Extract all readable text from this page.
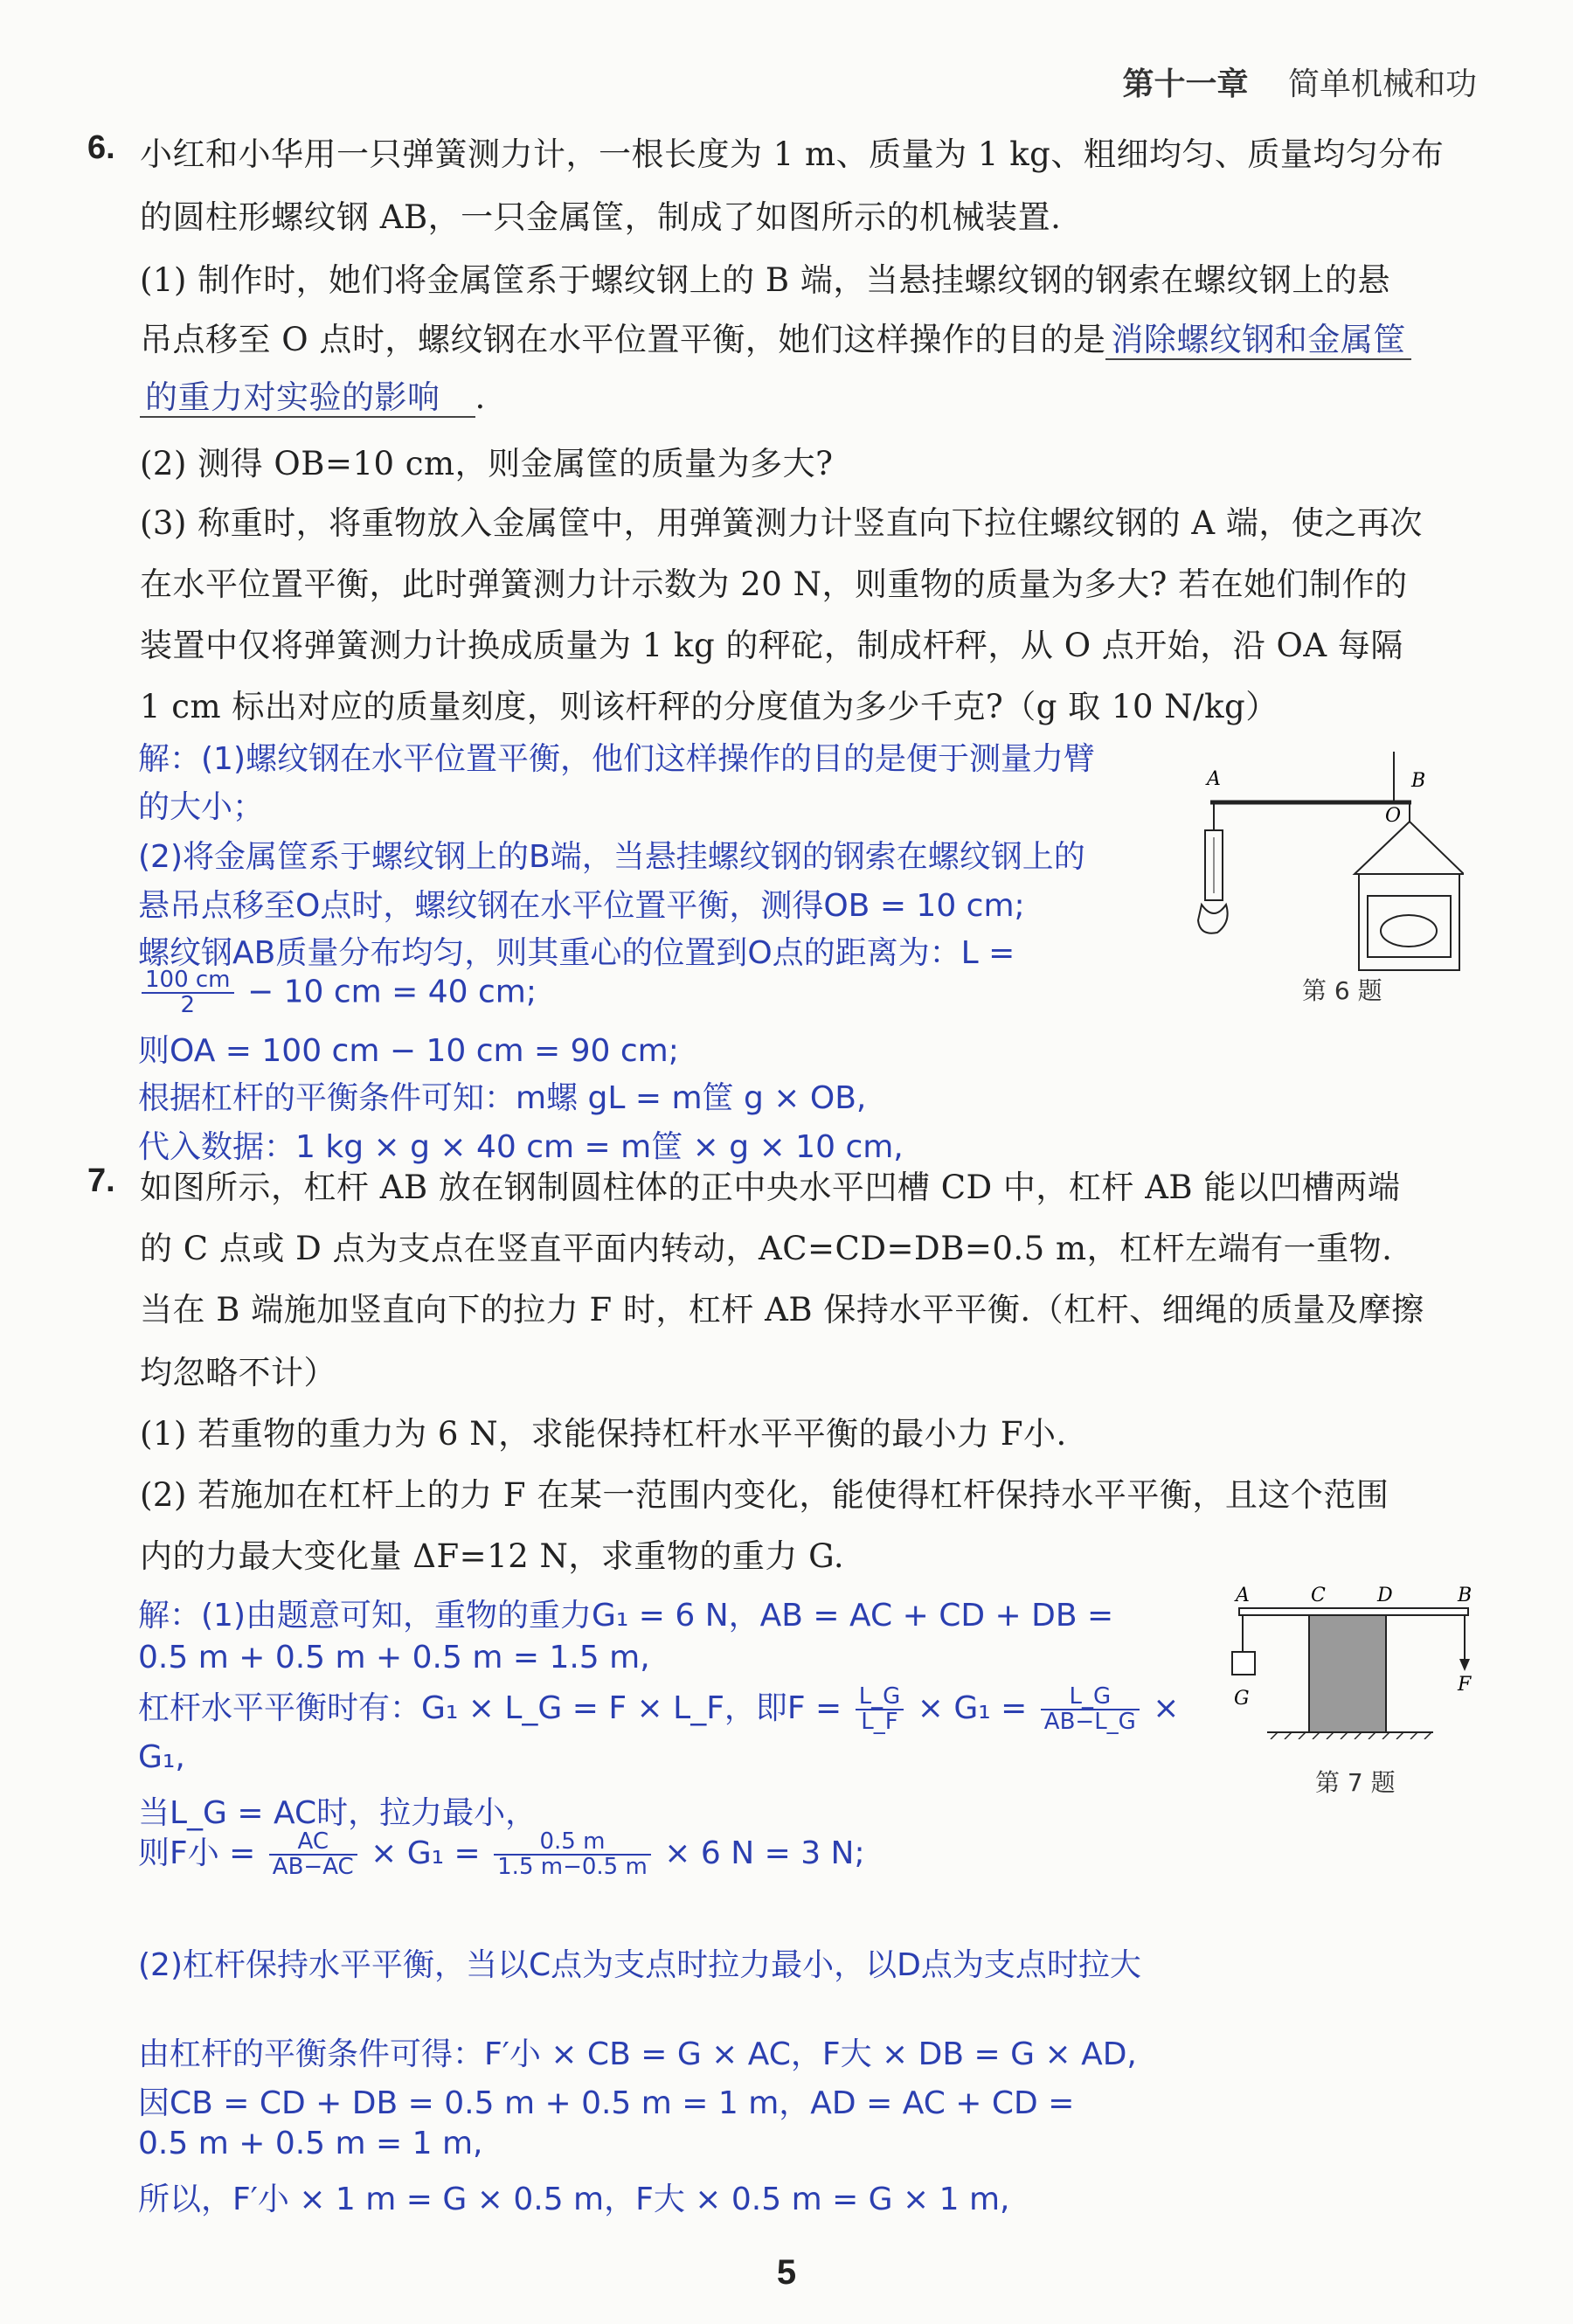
第十一章 简单机械和功
6. 小红和小华用一只弹簧测力计，一根长度为 1 m、质量为 1 kg、粗细均匀、质量均匀分布
的圆柱形螺纹钢 AB，一只金属筐，制成了如图所示的机械装置.
(1) 制作时，她们将金属筐系于螺纹钢上的 B 端，当悬挂螺纹钢的钢索在螺纹钢上的悬
吊点移至 O 点时，螺纹钢在水平位置平衡，她们这样操作的目的是 消除螺纹钢和金属筐
的重力对实验的影响 .
(2) 测得 OB=10 cm，则金属筐的质量为多大?
(3) 称重时，将重物放入金属筐中，用弹簧测力计竖直向下拉住螺纹钢的 A 端，使之再次
在水平位置平衡，此时弹簧测力计示数为 20 N，则重物的质量为多大? 若在她们制作的
装置中仅将弹簧测力计换成质量为 1 kg 的秤砣，制成杆秤，从 O 点开始，沿 OA 每隔
1 cm 标出对应的质量刻度，则该杆秤的分度值为多少千克?（g 取 10 N/kg）
解：(1)螺纹钢在水平位置平衡，他们这样操作的目的是便于测量力臂
的大小；
(2)将金属筐系于螺纹钢上的B端，当悬挂螺纹钢的钢索在螺纹钢上的
悬吊点移至O点时，螺纹钢在水平位置平衡，测得OB = 10 cm;
螺纹钢AB质量分布均匀，则其重心的位置到O点的距离为：L =
$\frac{100 cm}{2} - 10$ cm = 40 cm;
则OA = 100 cm − 10 cm = 90 cm;
根据杠杆的平衡条件可知：m螺 gL = m筐 g × OB,
代入数据：1 kg × g × 40 cm = m筐 × g × 10 cm,
A	B
O
第 6 题
7. 如图所示，杠杆 AB 放在钢制圆柱体的正中央水平凹槽 CD 中，杠杆 AB 能以凹槽两端
的 C 点或 D 点为支点在竖直平面内转动，AC=CD=DB=0.5 m，杠杆左端有一重物.
当在 B 端施加竖直向下的拉力 F 时，杠杆 AB 保持水平平衡.（杠杆、细绳的质量及摩擦
均忽略不计）
(1) 若重物的重力为 6 N，求能保持杠杆水平平衡的最小力 F小.
(2) 若施加在杠杆上的力 F 在某一范围内变化，能使得杠杆保持水平平衡，且这个范围
内的力最大变化量 ΔF=12 N，求重物的重力 G.
解：(1)由题意可知，重物的重力G₁ = 6 N，AB = AC + CD + DB =
0.5 m + 0.5 m + 0.5 m = 1.5 m,
杠杆水平平衡时有：G₁ × L_G = F × L_F，即$F = \frac{L\_G}{L\_F} \times G_1 = \frac{L\_G}{AB-L\_G}$ ×
G₁,
当L_G = AC时，拉力最小，
则F小 = $\frac{AC}{AB-AC} \times G_1 = \frac{0.5 m}{1.5 m-0.5 m} \times 6$ N = 3 N;
(2)杠杆保持水平平衡，当以C点为支点时拉力最小，以D点为支点时拉大
由杠杆的平衡条件可得：F′小 × CB = G × AC，F大 × DB = G × AD,
因CB = CD + DB = 0.5 m + 0.5 m = 1 m，AD = AC + CD =
0.5 m + 0.5 m = 1 m,
所以，F′小 × 1 m = G × 0.5 m，F大 × 0.5 m = G × 1 m,
A	C	D	B
G
F
第 7 题
5
